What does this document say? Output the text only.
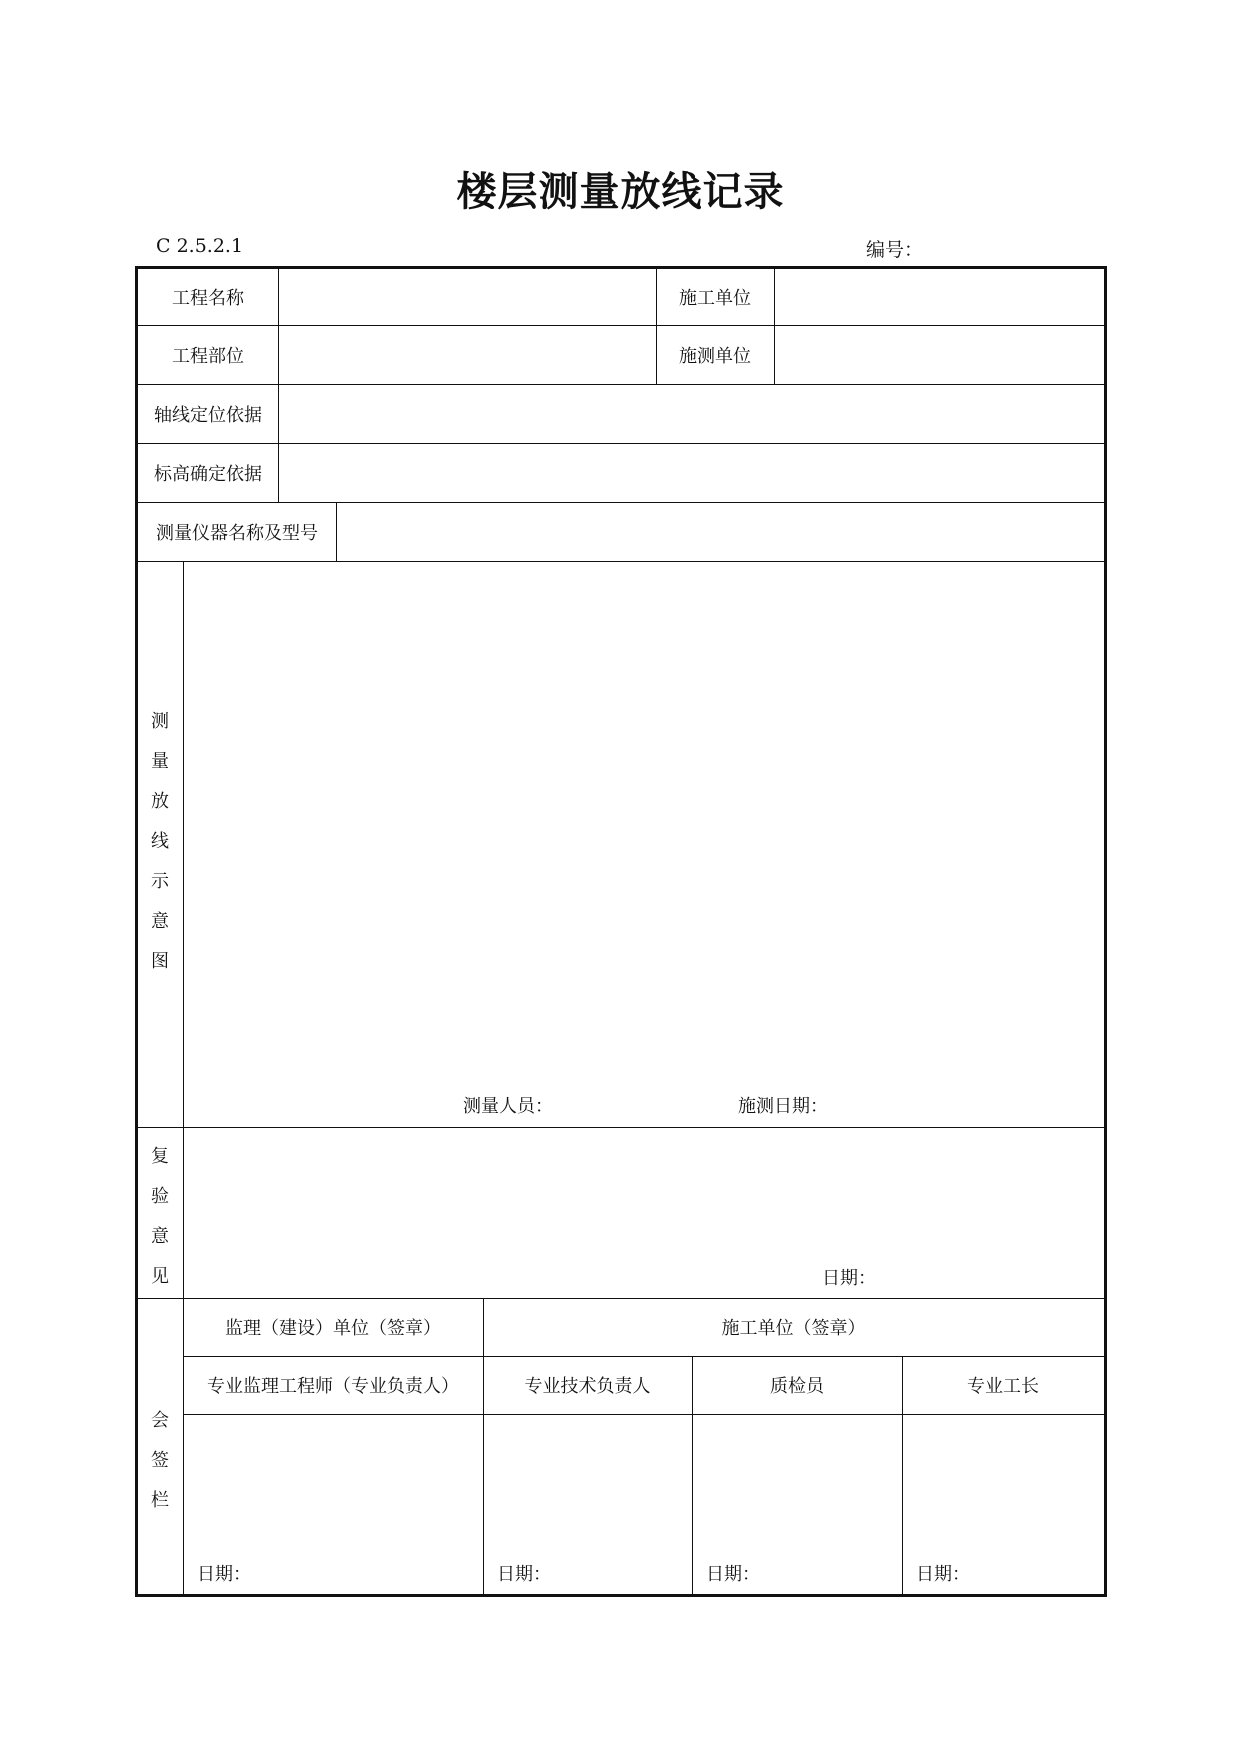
楼层测量放线记录
C 2.5.2.1	编号：
工程名称	施工单位
工程部位	施测单位
轴线定位依据
标高确定依据
测量仪器名称及型号
测
量
放
线
示
意
图
测量人员：	施测日期：
复
验
意
见	日期：
会
签
栏
监理（建设）单位（签章）	施工单位（签章）
专业监理工程师（专业负责人）	专业技术负责人	质检员	专业工长
日期：	日期：	日期：	日期：
